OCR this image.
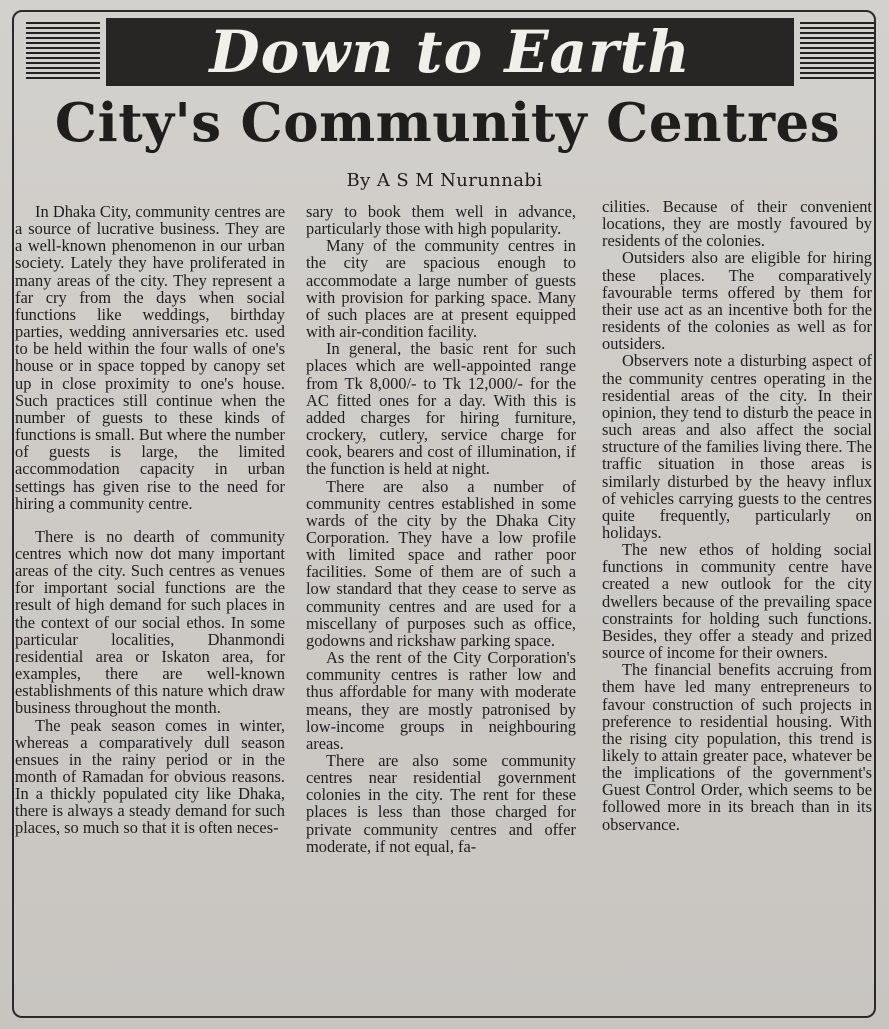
Down to Earth
City's Community Centres
By A S M Nurunnabi

In Dhaka City, community centres are a source of lucrative business. They are a well-known phenomenon in our urban society. Lately they have proliferated in many areas of the city. They represent a far cry from the days when social functions like weddings, birthday parties, wedding anniversaries etc. used to be held within the four walls of one's house or in space topped by canopy set up in close proximity to one's house. Such practices still continue when the number of guests to these kinds of functions is small. But where the number of guests is large, the limited accommodation capacity in urban settings has given rise to the need for hiring a community centre.

There is no dearth of community centres which now dot many important areas of the city. Such centres as venues for important social functions are the result of high demand for such places in the context of our social ethos. In some particular localities, Dhanmondi residential area or Iskaton area, for examples, there are well-known establishments of this nature which draw business throughout the month.

The peak season comes in winter, whereas a comparatively dull season ensues in the rainy period or in the month of Ramadan for obvious reasons. In a thickly populated city like Dhaka, there is always a steady demand for such places, so much so that it is often neces-

sary to book them well in advance, particularly those with high popularity.

Many of the community centres in the city are spacious enough to accommodate a large number of guests with provision for parking space. Many of such places are at present equipped with air-condition facility.

In general, the basic rent for such places which are well-appointed range from Tk 8,000/- to Tk 12,000/- for the AC fitted ones for a day. With this is added charges for hiring furniture, crockery, cutlery, service charge for cook, bearers and cost of illumination, if the function is held at night.

There are also a number of community centres established in some wards of the city by the Dhaka City Corporation. They have a low profile with limited space and rather poor facilities. Some of them are of such a low standard that they cease to serve as community centres and are used for a miscellany of purposes such as office, godowns and rickshaw parking space.

As the rent of the City Corporation's community centres is rather low and thus affordable for many with moderate means, they are mostly patronised by low-income groups in neighbouring areas.

There are also some community centres near residential government colonies in the city. The rent for these places is less than those charged for private community centres and offer moderate, if not equal, fa-

cilities. Because of their convenient locations, they are mostly favoured by residents of the colonies.

Outsiders also are eligible for hiring these places. The comparatively favourable terms offered by them for their use act as an incentive both for the residents of the colonies as well as for outsiders.

Observers note a disturbing aspect of the community centres operating in the residential areas of the city. In their opinion, they tend to disturb the peace in such areas and also affect the social structure of the families living there. The traffic situation in those areas is similarly disturbed by the heavy influx of vehicles carrying guests to the centres quite frequently, particularly on holidays.

The new ethos of holding social functions in community centre have created a new outlook for the city dwellers because of the prevailing space constraints for holding such functions. Besides, they offer a steady and prized source of income for their owners.

The financial benefits accruing from them have led many entrepreneurs to favour construction of such projects in preference to residential housing. With the rising city population, this trend is likely to attain greater pace, whatever be the implications of the government's Guest Control Order, which seems to be followed more in its breach than in its observance.
